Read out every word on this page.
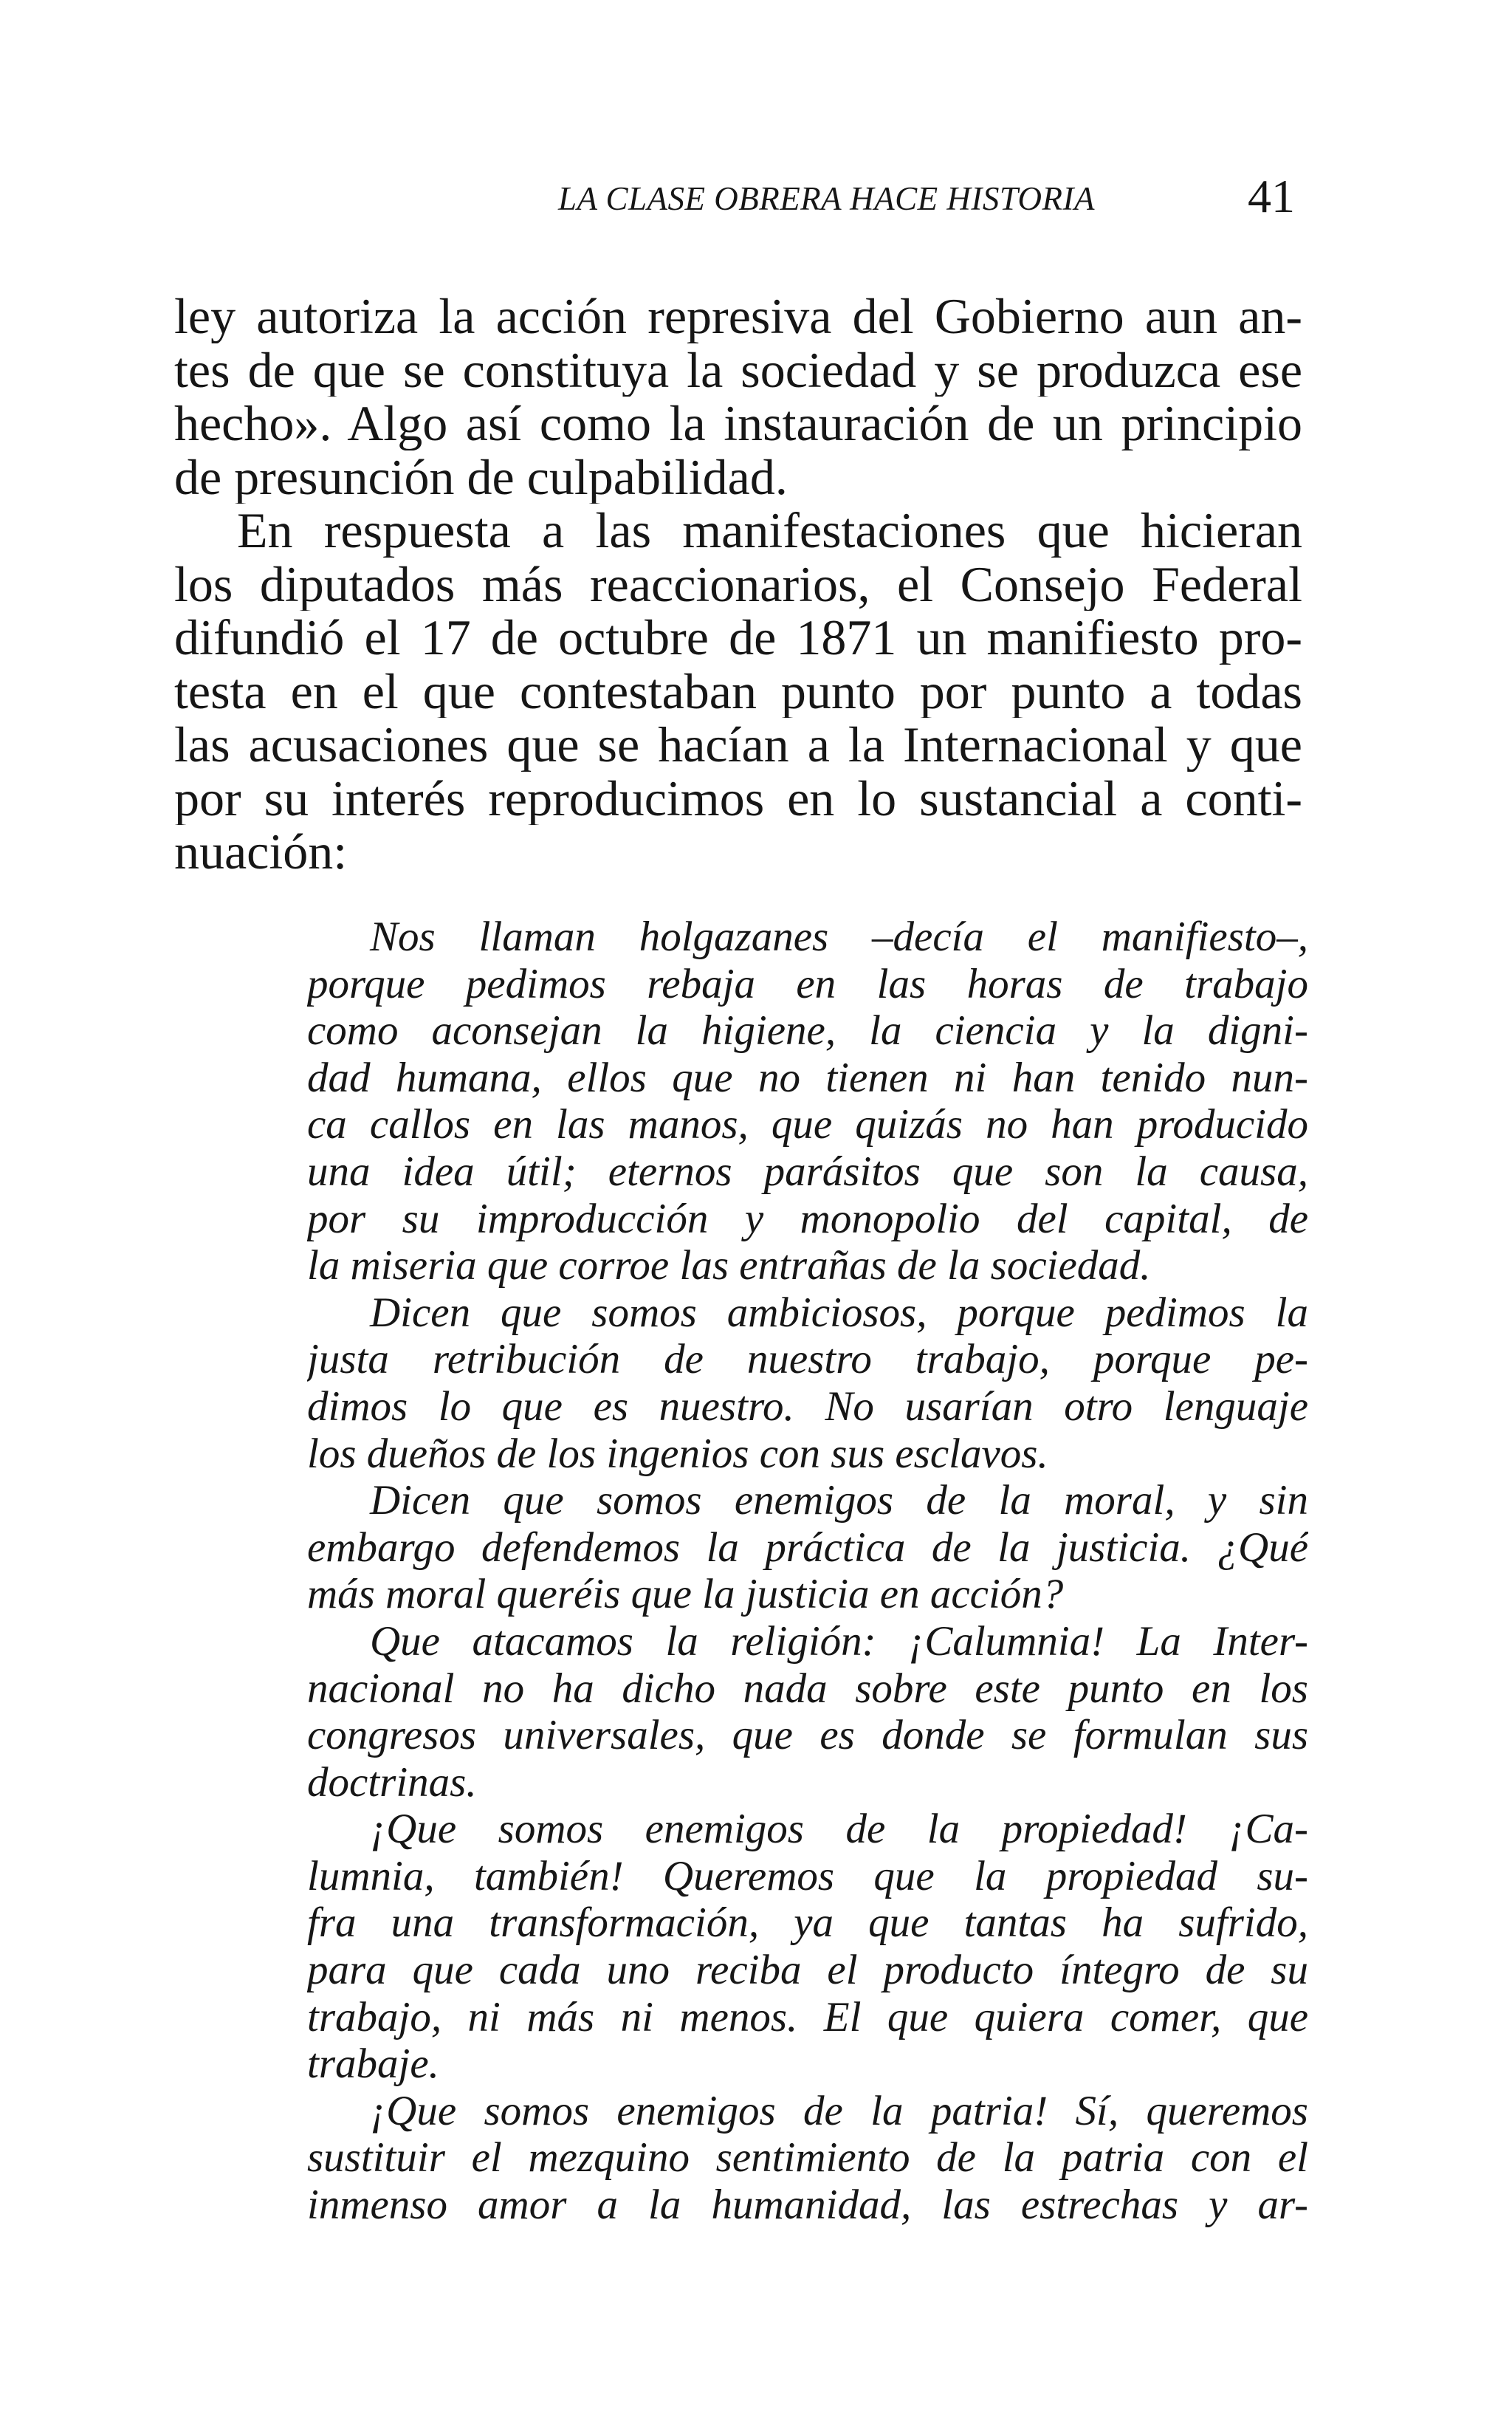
LA CLASE OBRERA HACE HISTORIA	41
ley autoriza la acción represiva del Gobierno aun an-
tes de que se constituya la sociedad y se produzca ese
hecho». Algo así como la instauración de un principio
de presunción de culpabilidad.
En respuesta a las manifestaciones que hicieran
los diputados más reaccionarios, el Consejo Federal
difundió el 17 de octubre de 1871 un manifiesto pro-
testa en el que contestaban punto por punto a todas
las acusaciones que se hacían a la Internacional y que
por su interés reproducimos en lo sustancial a conti-
nuación:
Nos llaman holgazanes –decía el manifiesto–,
porque pedimos rebaja en las horas de trabajo
como aconsejan la higiene, la ciencia y la digni-
dad humana, ellos que no tienen ni han tenido nun-
ca callos en las manos, que quizás no han producido
una idea útil; eternos parásitos que son la causa,
por su improducción y monopolio del capital, de
la miseria que corroe las entrañas de la sociedad.
Dicen que somos ambiciosos, porque pedimos la
justa retribución de nuestro trabajo, porque pe-
dimos lo que es nuestro. No usarían otro lenguaje
los dueños de los ingenios con sus esclavos.
Dicen que somos enemigos de la moral, y sin
embargo defendemos la práctica de la justicia. ¿Qué
más moral queréis que la justicia en acción?
Que atacamos la religión: ¡Calumnia! La Inter-
nacional no ha dicho nada sobre este punto en los
congresos universales, que es donde se formulan sus
doctrinas.
¡Que somos enemigos de la propiedad! ¡Ca-
lumnia, también! Queremos que la propiedad su-
fra una transformación, ya que tantas ha sufrido,
para que cada uno reciba el producto íntegro de su
trabajo, ni más ni menos. El que quiera comer, que
trabaje.
¡Que somos enemigos de la patria! Sí, queremos
sustituir el mezquino sentimiento de la patria con el
inmenso amor a la humanidad, las estrechas y ar-
